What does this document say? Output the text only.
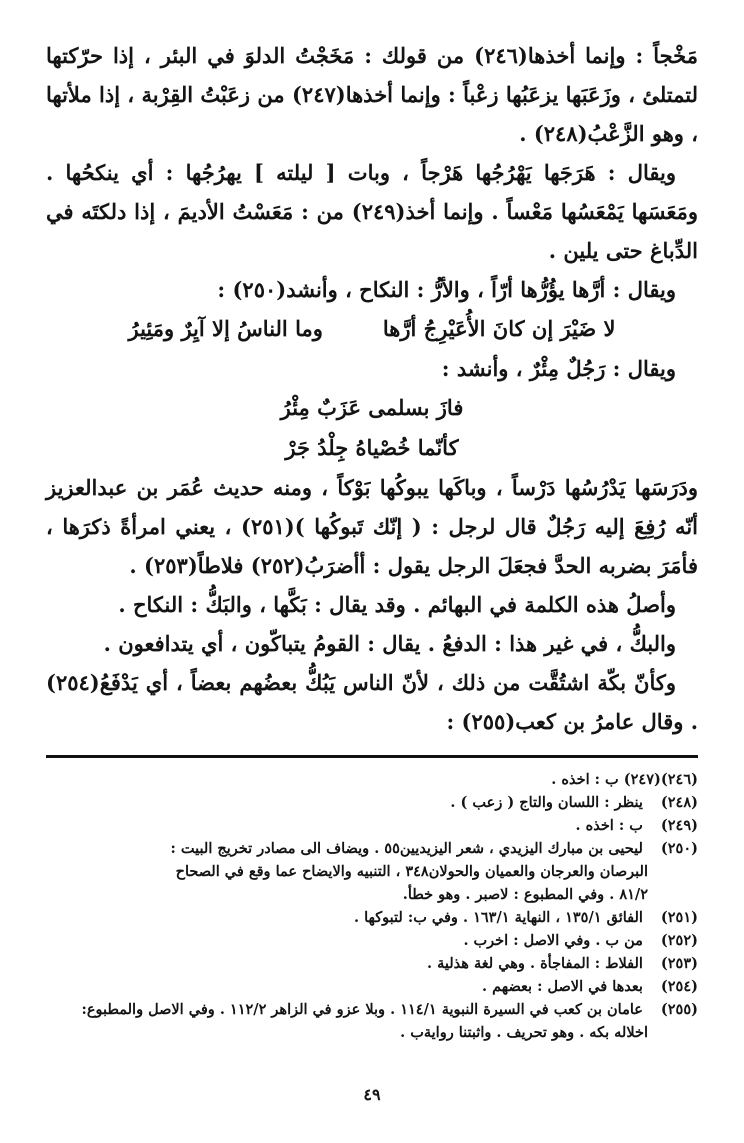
مَخْجاً : وإنما أخذها(٢٤٦) من قولك : مَخَجْتُ الدلوَ في البئر ، إذا حرّكتها لتمتلئ ، وزَعَبَها يزعَبُها زعْباً : وإنما أخذها(٢٤٧) من زعَبْتُ القِرْبة ، إذا ملأتها ، وهو الزَّعْبُ(٢٤٨) .

ويقال : هَرَجَها يَهْرُجُها هَرْجاً ، وبات [ ليلته ] يهرُجُها : أي ينكحُها . ومَعَسَها يَمْعَسُها مَعْساً . وإنما أخذ(٢٤٩) من : مَعَسْتُ الأديمَ ، إذا دلكتَه في الدِّباغ حتى يلين .

ويقال : أرَّها يؤُرُّها أرّاً ، والأرُّ : النكاح ، وأنشد(٢٥٠) :

لا ضَيْرَ إن كانَ الأُعَيْرِجُ أرَّها
وما الناسُ إلا آيِرٌ ومَئِيرُ

ويقال : رَجُلٌ مِئْرٌ ، وأنشد :

فازَ بسلمى عَزَبٌ مِئْرُ
كأنّما خُصْياهُ جِلْدُ جَرْ

ودَرَسَها يَدْرُسُها دَرْساً ، وباكَها يبوكُها بَوْكاً ، ومنه حديث عُمَر بن عبدالعزيز أنّه رُفِعَ إليه رَجُلٌ قال لرجل : ( إنّك تَبوكُها )(٢٥١) ، يعني امرأةً ذكرَها ، فأمَرَ بضربه الحدَّ فجعَلَ الرجل يقول : أأضرَبُ(٢٥٢) فلاطاً(٢٥٣) .

وأصلُ هذه الكلمة في البهائم . وقد يقال : بَكَّها ، والبَكُّ : النكاح .

والبكُّ ، في غير هذا : الدفعُ . يقال : القومُ يتباكّون ، أي يتدافعون .

وكأنّ بكّة اشتُقَّت من ذلك ، لأنّ الناس يَبُكُّ بعضُهم بعضاً ، أي يَدْفَعُ(٢٥٤) . وقال عامرُ بن كعب(٢٥٥) :

(٢٤٦)(٢٤٧) ب : اخذه .

(٢٤٨) ينظر : اللسان والتاج ( زعب ) .

(٢٤٩) ب : اخذه .

(٢٥٠) ليحيى بن مبارك اليزيدي ، شعر اليزيديين٥٥ . ويضاف الى مصادر تخريج البيت :

البرصان والعرجان والعميان والحولان٣٤٨ ، التنبيه والايضاح عما وقع في الصحاح

٨١/٢ . وفي المطبوع : لاصبر . وهو خطأ.

(٢٥١) الفائق ١٣٥/١ ، النهاية ١٦٣/١ . وفي ب: لتبوكها .

(٢٥٢) من ب . وفي الاصل : اخرب .

(٢٥٣) الفلاط : المفاجأة . وهي لغة هذلية .

(٢٥٤) بعدها في الاصل : بعضهم .

(٢٥٥) عامان بن كعب في السيرة النبوية ١١٤/١ . وبلا عزو في الزاهر ١١٢/٢ . وفي الاصل والمطبوع:

اخلاله بكه . وهو تحريف . واثبتنا روايةب .

٤٩
